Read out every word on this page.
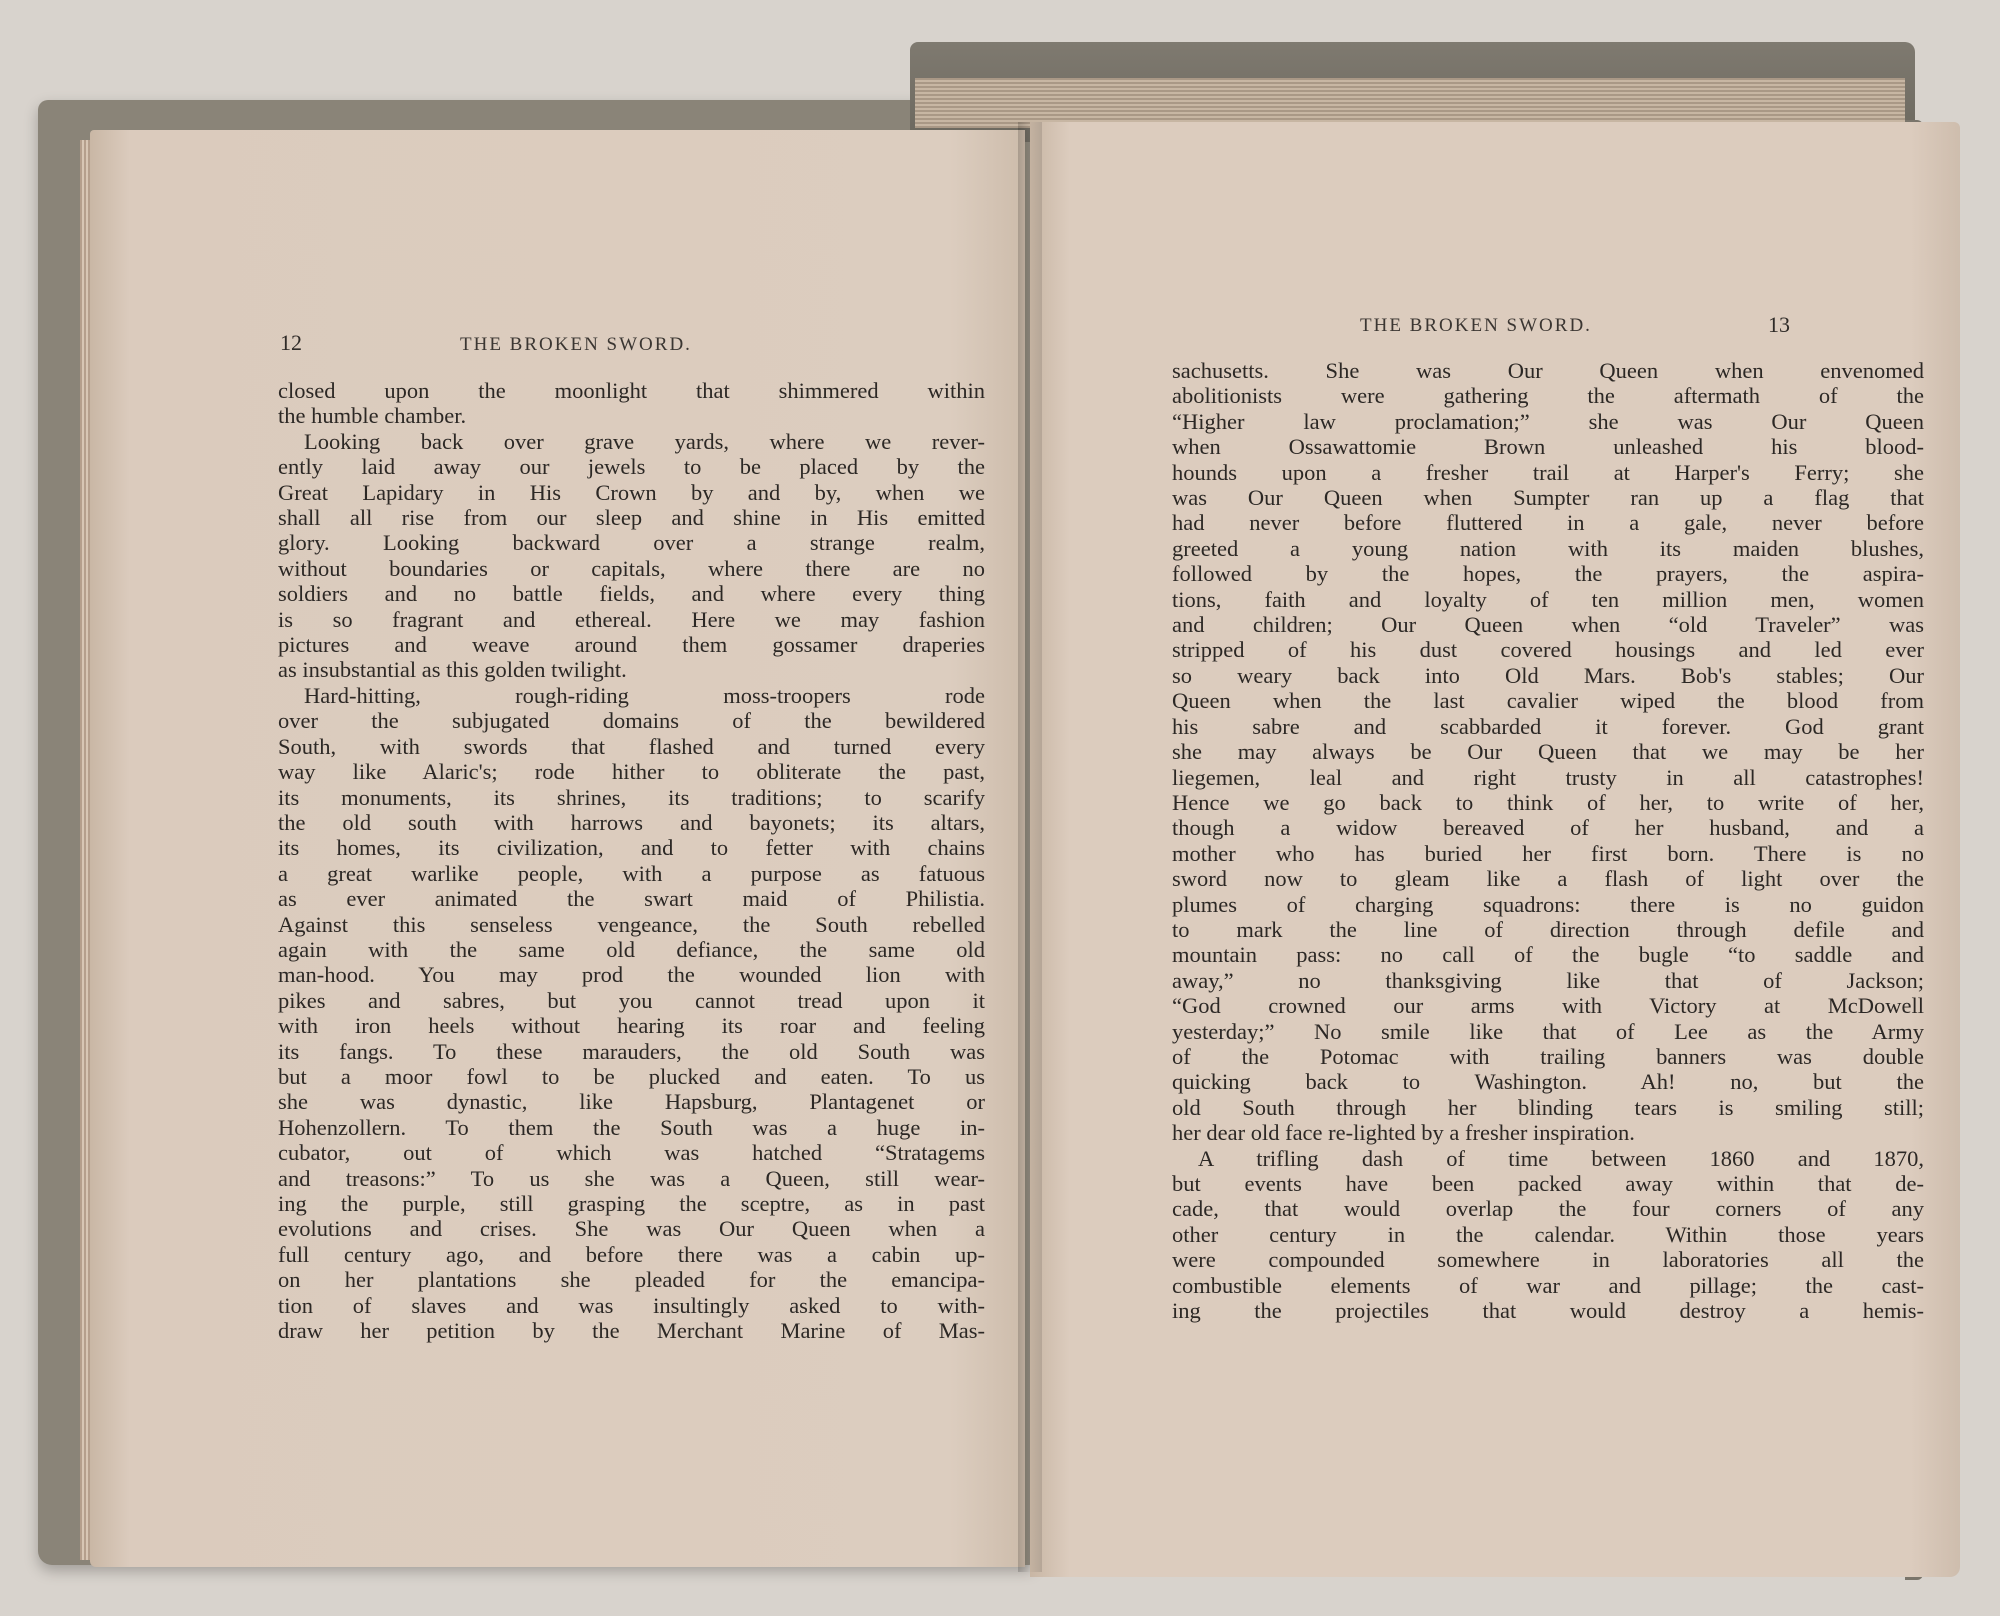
12	THE BROKEN SWORD.
closed upon the moonlight that shimmered within
the humble chamber.
Looking back over grave yards, where we rever-
ently laid away our jewels to be placed by the
Great Lapidary in His Crown by and by, when we
shall all rise from our sleep and shine in His emitted
glory. Looking backward over a strange realm,
without boundaries or capitals, where there are no
soldiers and no battle fields, and where every thing
is so fragrant and ethereal. Here we may fashion
pictures and weave around them gossamer draperies
as insubstantial as this golden twilight.
Hard-hitting, rough-riding moss-troopers rode
over the subjugated domains of the bewildered
South, with swords that flashed and turned every
way like Alaric's; rode hither to obliterate the past,
its monuments, its shrines, its traditions; to scarify
the old south with harrows and bayonets; its altars,
its homes, its civilization, and to fetter with chains
a great warlike people, with a purpose as fatuous
as ever animated the swart maid of Philistia.
Against this senseless vengeance, the South rebelled
again with the same old defiance, the same old
man-hood. You may prod the wounded lion with
pikes and sabres, but you cannot tread upon it
with iron heels without hearing its roar and feeling
its fangs. To these marauders, the old South was
but a moor fowl to be plucked and eaten. To us
she was dynastic, like Hapsburg, Plantagenet or
Hohenzollern. To them the South was a huge in-
cubator, out of which was hatched “Stratagems
and treasons:” To us she was a Queen, still wear-
ing the purple, still grasping the sceptre, as in past
evolutions and crises. She was Our Queen when a
full century ago, and before there was a cabin up-
on her plantations she pleaded for the emancipa-
tion of slaves and was insultingly asked to with-
draw her petition by the Merchant Marine of Mas-
THE BROKEN SWORD.	13
sachusetts. She was Our Queen when envenomed
abolitionists were gathering the aftermath of the
“Higher law proclamation;” she was Our Queen
when Ossawattomie Brown unleashed his blood-
hounds upon a fresher trail at Harper's Ferry; she
was Our Queen when Sumpter ran up a flag that
had never before fluttered in a gale, never before
greeted a young nation with its maiden blushes,
followed by the hopes, the prayers, the aspira-
tions, faith and loyalty of ten million men, women
and children; Our Queen when “old Traveler” was
stripped of his dust covered housings and led ever
so weary back into Old Mars. Bob's stables; Our
Queen when the last cavalier wiped the blood from
his sabre and scabbarded it forever. God grant
she may always be Our Queen that we may be her
liegemen, leal and right trusty in all catastrophes!
Hence we go back to think of her, to write of her,
though a widow bereaved of her husband, and a
mother who has buried her first born. There is no
sword now to gleam like a flash of light over the
plumes of charging squadrons: there is no guidon
to mark the line of direction through defile and
mountain pass: no call of the bugle “to saddle and
away,” no thanksgiving like that of Jackson;
“God crowned our arms with Victory at McDowell
yesterday;” No smile like that of Lee as the Army
of the Potomac with trailing banners was double
quicking back to Washington. Ah! no, but the
old South through her blinding tears is smiling still;
her dear old face re-lighted by a fresher inspiration.
A trifling dash of time between 1860 and 1870,
but events have been packed away within that de-
cade, that would overlap the four corners of any
other century in the calendar. Within those years
were compounded somewhere in laboratories all the
combustible elements of war and pillage; the cast-
ing the projectiles that would destroy a hemis-
